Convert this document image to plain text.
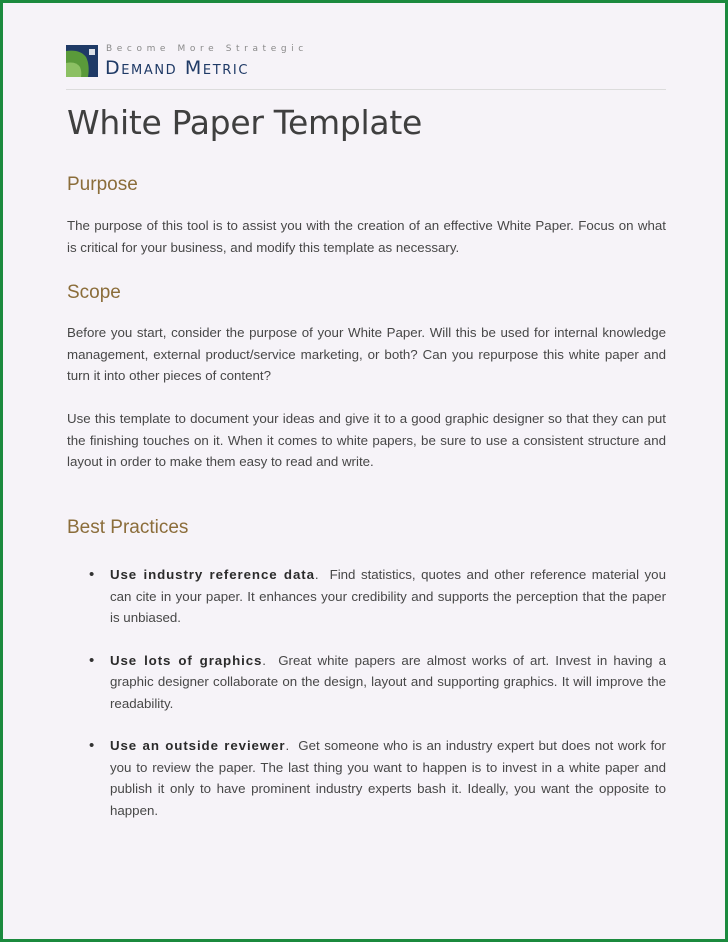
Become More Strategic
Demand Metric
White Paper Template
Purpose

The purpose of this tool is to assist you with the creation of an effective White Paper. Focus on what is critical for your business, and modify this template as necessary.

Scope

Before you start, consider the purpose of your White Paper. Will this be used for internal knowledge management, external product/service marketing, or both? Can you repurpose this white paper and turn it into other pieces of content?

Use this template to document your ideas and give it to a good graphic designer so that they can put the finishing touches on it. When it comes to white papers, be sure to use a consistent structure and layout in order to make them easy to read and write.

Best Practices
• Use industry reference data.  Find statistics, quotes and other reference material you can cite in your paper. It enhances your credibility and supports the perception that the paper is unbiased.

• Use lots of graphics.  Great white papers are almost works of art. Invest in having a graphic designer collaborate on the design, layout and supporting graphics. It will improve the readability.

• Use an outside reviewer.  Get someone who is an industry expert but does not work for you to review the paper. The last thing you want to happen is to invest in a white paper and publish it only to have prominent industry experts bash it. Ideally, you want the opposite to happen.
